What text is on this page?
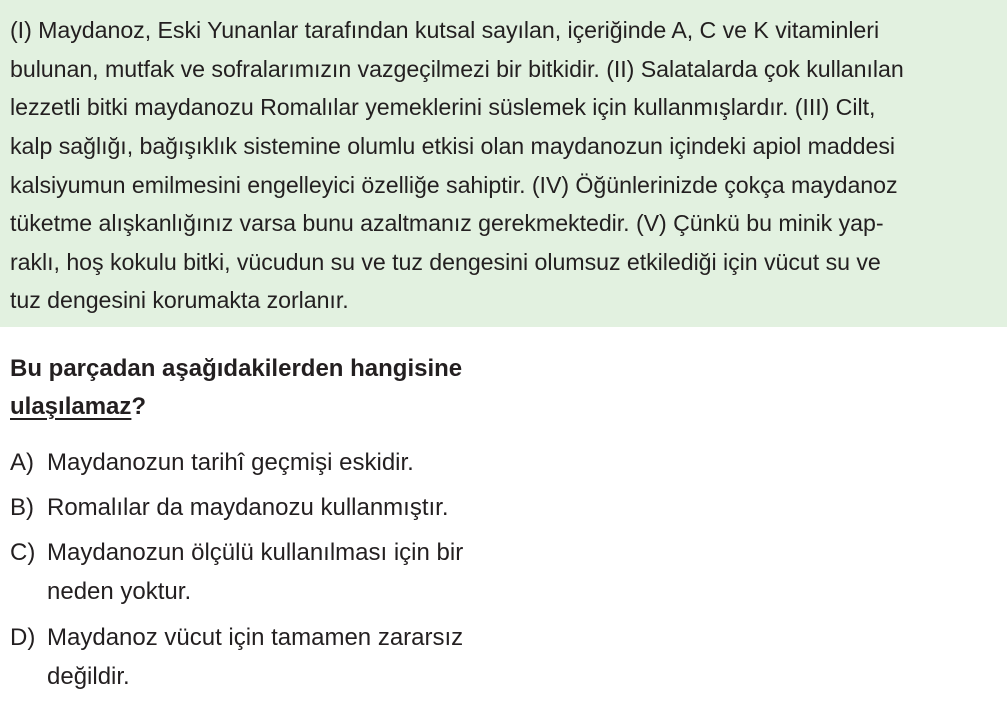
(I) Maydanoz, Eski Yunanlar tarafından kutsal sayılan, içeriğinde A, C ve K vitaminleri
bulunan, mutfak ve sofralarımızın vazgeçilmezi bir bitkidir. (II) Salatalarda çok kullanılan
lezzetli bitki maydanozu Romalılar yemeklerini süslemek için kullanmışlardır. (III) Cilt,
kalp sağlığı, bağışıklık sistemine olumlu etkisi olan maydanozun içindeki apiol maddesi
kalsiyumun emilmesini engelleyici özelliğe sahiptir. (IV) Öğünlerinizde çokça maydanoz
tüketme alışkanlığınız varsa bunu azaltmanız gerekmektedir. (V) Çünkü bu minik yap-
raklı, hoş kokulu bitki, vücudun su ve tuz dengesini olumsuz etkilediği için vücut su ve
tuz dengesini korumakta zorlanır.
Bu parçadan aşağıdakilerden hangisine
ulaşılamaz?
A) Maydanozun tarihî geçmişi eskidir.
B) Romalılar da maydanozu kullanmıştır.
C) Maydanozun ölçülü kullanılması için bir
neden yoktur.
D) Maydanoz vücut için tamamen zararsız
değildir.
